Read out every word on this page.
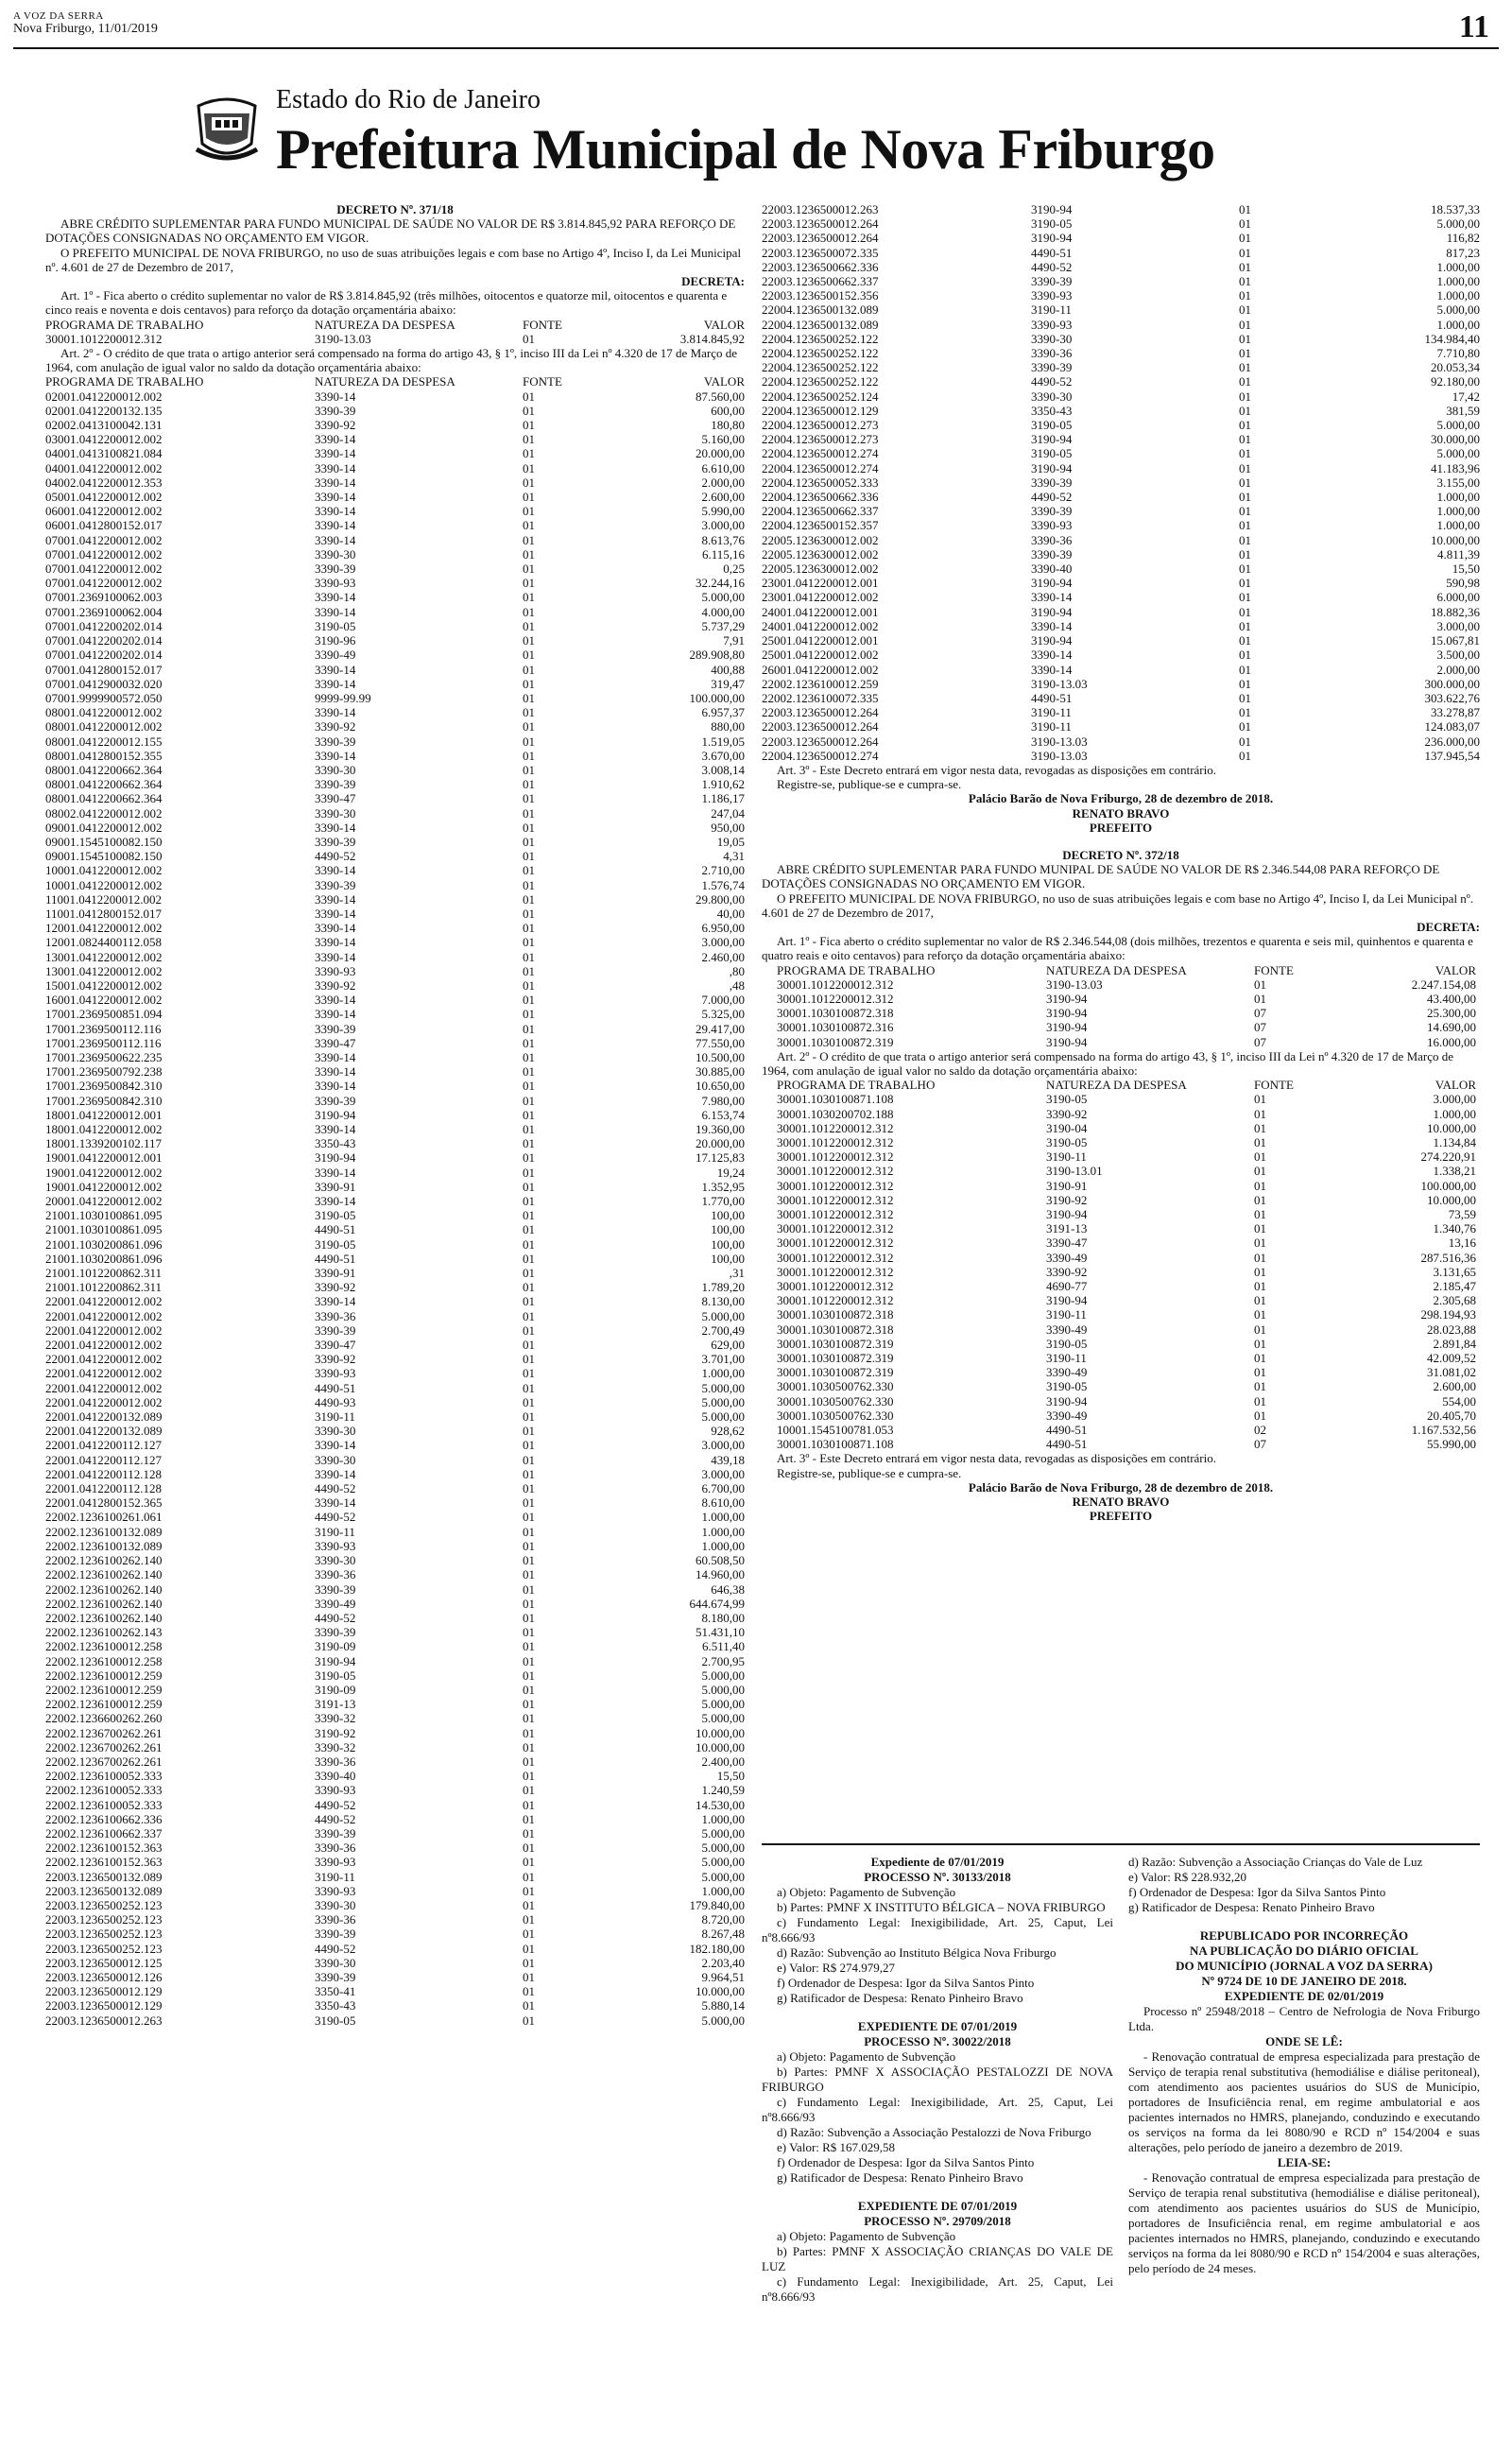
A VOZ DA SERRA
Nova Friburgo, 11/01/2019	11
Estado do Rio de Janeiro
Prefeitura Municipal de Nova Friburgo
DECRETO Nº. 371/18

ABRE CRÉDITO SUPLEMENTAR PARA FUNDO MUNICIPAL DE SAÚDE NO VALOR DE R$ 3.814.845,92 PARA REFORÇO DE DOTAÇÕES CONSIGNADAS NO ORÇAMENTO EM VIGOR.

O PREFEITO MUNICIPAL DE NOVA FRIBURGO, no uso de suas atribuições legais e com base no Artigo 4º, Inciso I, da Lei Municipal nº. 4.601 de 27 de Dezembro de 2017,

DECRETA:

Art. 1º - Fica aberto o crédito suplementar no valor de R$ 3.814.845,92 (três milhões, oitocentos e quatorze mil, oitocentos e quarenta e cinco reais e noventa e dois centavos) para reforço da dotação orçamentária abaixo:

PROGRAMA DE TRABALHO	NATUREZA DA DESPESA	FONTE	VALOR
30001.1012200012.312	3190-13.03	01	3.814.845,92

Art. 2º - O crédito de que trata o artigo anterior será compensado na forma do artigo 43, § 1º, inciso III da Lei nº 4.320 de 17 de Março de 1964, com anulação de igual valor no saldo da dotação orçamentária abaixo:

PROGRAMA DE TRABALHO	NATUREZA DA DESPESA	FONTE	VALOR
02001.0412200012.002	3390-14	01	87.560,00
02001.0412200132.135	3390-39	01	600,00
02002.0413100042.131	3390-92	01	180,80
03001.0412200012.002	3390-14	01	5.160,00
04001.0413100821.084	3390-14	01	20.000,00
04001.0412200012.002	3390-14	01	6.610,00
04002.0412200012.353	3390-14	01	2.000,00
05001.0412200012.002	3390-14	01	2.600,00
06001.0412200012.002	3390-14	01	5.990,00
06001.0412800152.017	3390-14	01	3.000,00
07001.0412200012.002	3390-14	01	8.613,76
07001.0412200012.002	3390-30	01	6.115,16
07001.0412200012.002	3390-39	01	0,25
07001.0412200012.002	3390-93	01	32.244,16
07001.2369100062.003	3390-14	01	5.000,00
07001.2369100062.004	3390-14	01	4.000,00
07001.0412200202.014	3190-05	01	5.737,29
07001.0412200202.014	3190-96	01	7,91
07001.0412200202.014	3390-49	01	289.908,80
07001.0412800152.017	3390-14	01	400,88
07001.0412900032.020	3390-14	01	319,47
07001.9999900572.050	9999-99.99	01	100.000,00
08001.0412200012.002	3390-14	01	6.957,37
08001.0412200012.002	3390-92	01	880,00
08001.0412200012.155	3390-39	01	1.519,05
08001.0412800152.355	3390-14	01	3.670,00
08001.0412200662.364	3390-30	01	3.008,14
08001.0412200662.364	3390-39	01	1.910,62
08001.0412200662.364	3390-47	01	1.186,17
08002.0412200012.002	3390-30	01	247,04
09001.0412200012.002	3390-14	01	950,00
09001.1545100082.150	3390-39	01	19,05
09001.1545100082.150	4490-52	01	4,31
10001.0412200012.002	3390-14	01	2.710,00
10001.0412200012.002	3390-39	01	1.576,74
11001.0412200012.002	3390-14	01	29.800,00
11001.0412800152.017	3390-14	01	40,00
12001.0412200012.002	3390-14	01	6.950,00
12001.0824400112.058	3390-14	01	3.000,00
13001.0412200012.002	3390-14	01	2.460,00
13001.0412200012.002	3390-93	01	,80
15001.0412200012.002	3390-92	01	,48
16001.0412200012.002	3390-14	01	7.000,00
17001.2369500851.094	3390-14	01	5.325,00
17001.2369500112.116	3390-39	01	29.417,00
17001.2369500112.116	3390-47	01	77.550,00
17001.2369500622.235	3390-14	01	10.500,00
17001.2369500792.238	3390-14	01	30.885,00
17001.2369500842.310	3390-14	01	10.650,00
17001.2369500842.310	3390-39	01	7.980,00
18001.0412200012.001	3190-94	01	6.153,74
18001.0412200012.002	3390-14	01	19.360,00
18001.1339200102.117	3350-43	01	20.000,00
19001.0412200012.001	3190-94	01	17.125,83
19001.0412200012.002	3390-14	01	19,24
19001.0412200012.002	3390-91	01	1.352,95
20001.0412200012.002	3390-14	01	1.770,00
21001.1030100861.095	3190-05	01	100,00
21001.1030100861.095	4490-51	01	100,00
21001.1030200861.096	3190-05	01	100,00
21001.1030200861.096	4490-51	01	100,00
21001.1012200862.311	3390-91	01	,31
21001.1012200862.311	3390-92	01	1.789,20
22001.0412200012.002	3390-14	01	8.130,00
22001.0412200012.002	3390-36	01	5.000,00
22001.0412200012.002	3390-39	01	2.700,49
22001.0412200012.002	3390-47	01	629,00
22001.0412200012.002	3390-92	01	3.701,00
22001.0412200012.002	3390-93	01	1.000,00
22001.0412200012.002	4490-51	01	5.000,00
22001.0412200012.002	4490-93	01	5.000,00
22001.0412200132.089	3190-11	01	5.000,00
22001.0412200132.089	3390-30	01	928,62
22001.0412200112.127	3390-14	01	3.000,00
22001.0412200112.127	3390-30	01	439,18
22001.0412200112.128	3390-14	01	3.000,00
22001.0412200112.128	4490-52	01	6.700,00
22001.0412800152.365	3390-14	01	8.610,00
22002.1236100261.061	4490-52	01	1.000,00
22002.1236100132.089	3190-11	01	1.000,00
22002.1236100132.089	3390-93	01	1.000,00
22002.1236100262.140	3390-30	01	60.508,50
22002.1236100262.140	3390-36	01	14.960,00
22002.1236100262.140	3390-39	01	646,38
22002.1236100262.140	3390-49	01	644.674,99
22002.1236100262.140	4490-52	01	8.180,00
22002.1236100262.143	3390-39	01	51.431,10
22002.1236100012.258	3190-09	01	6.511,40
22002.1236100012.258	3190-94	01	2.700,95
22002.1236100012.259	3190-05	01	5.000,00
22002.1236100012.259	3190-09	01	5.000,00
22002.1236100012.259	3191-13	01	5.000,00
22002.1236600262.260	3390-32	01	5.000,00
22002.1236700262.261	3190-92	01	10.000,00
22002.1236700262.261	3390-32	01	10.000,00
22002.1236700262.261	3390-36	01	2.400,00
22002.1236100052.333	3390-40	01	15,50
22002.1236100052.333	3390-93	01	1.240,59
22002.1236100052.333	4490-52	01	14.530,00
22002.1236100662.336	4490-52	01	1.000,00
22002.1236100662.337	3390-39	01	5.000,00
22002.1236100152.363	3390-36	01	5.000,00
22002.1236100152.363	3390-93	01	5.000,00
22003.1236500132.089	3190-11	01	5.000,00
22003.1236500132.089	3390-93	01	1.000,00
22003.1236500252.123	3390-30	01	179.840,00
22003.1236500252.123	3390-36	01	8.720,00
22003.1236500252.123	3390-39	01	8.267,48
22003.1236500252.123	4490-52	01	182.180,00
22003.1236500012.125	3390-30	01	2.203,40
22003.1236500012.126	3390-39	01	9.964,51
22003.1236500012.129	3350-41	01	10.000,00
22003.1236500012.129	3350-43	01	5.880,14
22003.1236500012.263	3190-05	01	5.000,00
22003.1236500012.263	3190-94	01	18.537,33
22003.1236500012.264	3190-05	01	5.000,00
22003.1236500012.264	3190-94	01	116,82
22003.1236500072.335	4490-51	01	817,23
22003.1236500662.336	4490-52	01	1.000,00
22003.1236500662.337	3390-39	01	1.000,00
22003.1236500152.356	3390-93	01	1.000,00
22004.1236500132.089	3190-11	01	5.000,00
22004.1236500132.089	3390-93	01	1.000,00
22004.1236500252.122	3390-30	01	134.984,40
22004.1236500252.122	3390-36	01	7.710,80
22004.1236500252.122	3390-39	01	20.053,34
22004.1236500252.122	4490-52	01	92.180,00
22004.1236500252.124	3390-30	01	17,42
22004.1236500012.129	3350-43	01	381,59
22004.1236500012.273	3190-05	01	5.000,00
22004.1236500012.273	3190-94	01	30.000,00
22004.1236500012.274	3190-05	01	5.000,00
22004.1236500012.274	3190-94	01	41.183,96
22004.1236500052.333	3390-39	01	3.155,00
22004.1236500662.336	4490-52	01	1.000,00
22004.1236500662.337	3390-39	01	1.000,00
22004.1236500152.357	3390-93	01	1.000,00
22005.1236300012.002	3390-36	01	10.000,00
22005.1236300012.002	3390-39	01	4.811,39
22005.1236300012.002	3390-40	01	15,50
23001.0412200012.001	3190-94	01	590,98
23001.0412200012.002	3390-14	01	6.000,00
24001.0412200012.001	3190-94	01	18.882,36
24001.0412200012.002	3390-14	01	3.000,00
25001.0412200012.001	3190-94	01	15.067,81
25001.0412200012.002	3390-14	01	3.500,00
26001.0412200012.002	3390-14	01	2.000,00
22002.1236100012.259	3190-13.03	01	300.000,00
22002.1236100072.335	4490-51	01	303.622,76
22003.1236500012.264	3190-11	01	33.278,87
22003.1236500012.264	3190-11	01	124.083,07
22003.1236500012.264	3190-13.03	01	236.000,00
22004.1236500012.274	3190-13.03	01	137.945,54

Art. 3º - Este Decreto entrará em vigor nesta data, revogadas as disposições em contrário.

Registre-se, publique-se e cumpra-se.

Palácio Barão de Nova Friburgo, 28 de dezembro de 2018.
RENATO BRAVO
PREFEITO
DECRETO Nº. 372/18

ABRE CRÉDITO SUPLEMENTAR PARA FUNDO MUNIPAL DE SAÚDE NO VALOR DE R$ 2.346.544,08 PARA REFORÇO DE DOTAÇÕES CONSIGNADAS NO ORÇAMENTO EM VIGOR.

O PREFEITO MUNICIPAL DE NOVA FRIBURGO, no uso de suas atribuições legais e com base no Artigo 4º, Inciso I, da Lei Municipal nº. 4.601 de 27 de Dezembro de 2017,

DECRETA:

Art. 1º - Fica aberto o crédito suplementar no valor de R$ 2.346.544,08 (dois milhões, trezentos e quarenta e seis mil, quinhentos e quarenta e quatro reais e oito centavos) para reforço da dotação orçamentária abaixo:

PROGRAMA DE TRABALHO	NATUREZA DA DESPESA	FONTE	VALOR
30001.1012200012.312	3190-13.03	01	2.247.154,08
30001.1012200012.312	3190-94	01	43.400,00
30001.1030100872.318	3190-94	07	25.300,00
30001.1030100872.316	3190-94	07	14.690,00
30001.1030100872.319	3190-94	07	16.000,00

Art. 2º - O crédito de que trata o artigo anterior será compensado na forma do artigo 43, § 1º, inciso III da Lei nº 4.320 de 17 de Março de 1964, com anulação de igual valor no saldo da dotação orçamentária abaixo:

PROGRAMA DE TRABALHO	NATUREZA DA DESPESA	FONTE	VALOR
30001.1030100871.108	3190-05	01	3.000,00
30001.1030200702.188	3390-92	01	1.000,00
30001.1012200012.312	3190-04	01	10.000,00
30001.1012200012.312	3190-05	01	1.134,84
30001.1012200012.312	3190-11	01	274.220,91
30001.1012200012.312	3190-13.01	01	1.338,21
30001.1012200012.312	3190-91	01	100.000,00
30001.1012200012.312	3190-92	01	10.000,00
30001.1012200012.312	3190-94	01	73,59
30001.1012200012.312	3191-13	01	1.340,76
30001.1012200012.312	3390-47	01	13,16
30001.1012200012.312	3390-49	01	287.516,36
30001.1012200012.312	3390-92	01	3.131,65
30001.1012200012.312	4690-77	01	2.185,47
30001.1012200012.312	3190-94	01	2.305,68
30001.1030100872.318	3190-11	01	298.194,93
30001.1030100872.318	3390-49	01	28.023,88
30001.1030100872.319	3190-05	01	2.891,84
30001.1030100872.319	3190-11	01	42.009,52
30001.1030100872.319	3390-49	01	31.081,02
30001.1030500762.330	3190-05	01	2.600,00
30001.1030500762.330	3190-94	01	554,00
30001.1030500762.330	3390-49	01	20.405,70
10001.1545100781.053	4490-51	02	1.167.532,56
30001.1030100871.108	4490-51	07	55.990,00

Art. 3º - Este Decreto entrará em vigor nesta data, revogadas as disposições em contrário.

Registre-se, publique-se e cumpra-se.

Palácio Barão de Nova Friburgo, 28 de dezembro de 2018.
RENATO BRAVO
PREFEITO
Expediente de 07/01/2019
PROCESSO Nº. 30133/2018
a) Objeto: Pagamento de Subvenção
b) Partes: PMNF X INSTITUTO BÉLGICA – NOVA FRIBURGO
c) Fundamento Legal: Inexigibilidade, Art. 25, Caput, Lei nº8.666/93
d) Razão: Subvenção ao Instituto Bélgica Nova Friburgo
e) Valor: R$ 274.979,27
f) Ordenador de Despesa: Igor da Silva Santos Pinto
g) Ratificador de Despesa: Renato Pinheiro Bravo
EXPEDIENTE DE 07/01/2019
PROCESSO Nº. 30022/2018
a) Objeto: Pagamento de Subvenção
b) Partes: PMNF X ASSOCIAÇÃO PESTALOZZI DE NOVA FRIBURGO
c) Fundamento Legal: Inexigibilidade, Art. 25, Caput, Lei nº8.666/93
d) Razão: Subvenção a Associação Pestalozzi de Nova Friburgo
e) Valor: R$ 167.029,58
f) Ordenador de Despesa: Igor da Silva Santos Pinto
g) Ratificador de Despesa: Renato Pinheiro Bravo
EXPEDIENTE DE 07/01/2019
PROCESSO Nº. 29709/2018
a) Objeto: Pagamento de Subvenção
b) Partes: PMNF X ASSOCIAÇÃO CRIANÇAS DO VALE DE LUZ
c) Fundamento Legal: Inexigibilidade, Art. 25, Caput, Lei nº8.666/93
d) Razão: Subvenção a Associação Crianças do Vale de Luz
e) Valor: R$ 228.932,20
f) Ordenador de Despesa: Igor da Silva Santos Pinto
g) Ratificador de Despesa: Renato Pinheiro Bravo
REPUBLICADO POR INCORREÇÃO
NA PUBLICAÇÃO DO DIÁRIO OFICIAL
DO MUNICÍPIO (JORNAL A VOZ DA SERRA)
Nº 9724 DE 10 DE JANEIRO DE 2018.
EXPEDIENTE DE 02/01/2019
Processo nº 25948/2018 – Centro de Nefrologia de Nova Friburgo Ltda.
ONDE SE LÊ:
- Renovação contratual de empresa especializada para prestação de Serviço de terapia renal substitutiva (hemodiálise e diálise peritoneal), com atendimento aos pacientes usuários do SUS de Município, portadores de Insuficiência renal, em regime ambulatorial e aos pacientes internados no HMRS, planejando, conduzindo e executando os serviços na forma da lei 8080/90 e RCD nº 154/2004 e suas alterações, pelo período de janeiro a dezembro de 2019.
LEIA-SE:
- Renovação contratual de empresa especializada para prestação de Serviço de terapia renal substitutiva (hemodiálise e diálise peritoneal), com atendimento aos pacientes usuários do SUS de Município, portadores de Insuficiência renal, em regime ambulatorial e aos pacientes internados no HMRS, planejando, conduzindo e executando serviços na forma da lei 8080/90 e RCD nº 154/2004 e suas alterações, pelo período de 24 meses.
